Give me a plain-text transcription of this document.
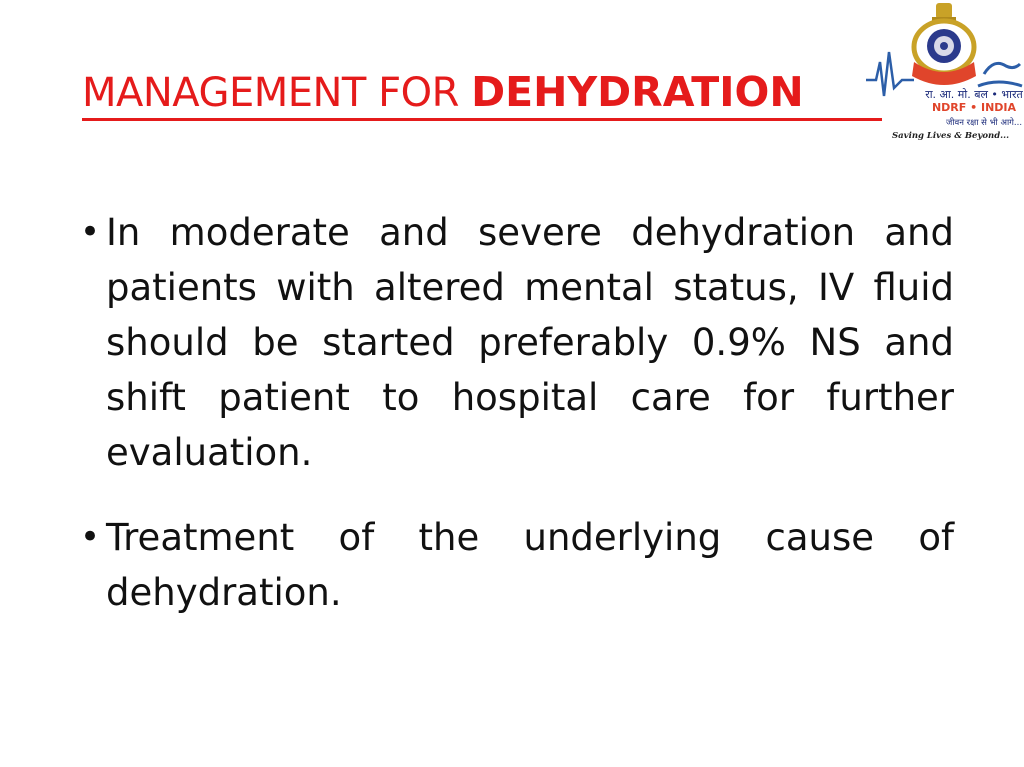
MANAGEMENT FOR DEHYDRATION	रा. आ. मो. बल • भारत
NDRF • INDIA
जीवन रक्षा से भी आगे...
Saving Lives & Beyond...
• In moderate and severe dehydration and patients with altered mental status, IV fluid should be started preferably 0.9% NS and shift patient to hospital care for further evaluation.
• Treatment of the underlying cause of dehydration.
